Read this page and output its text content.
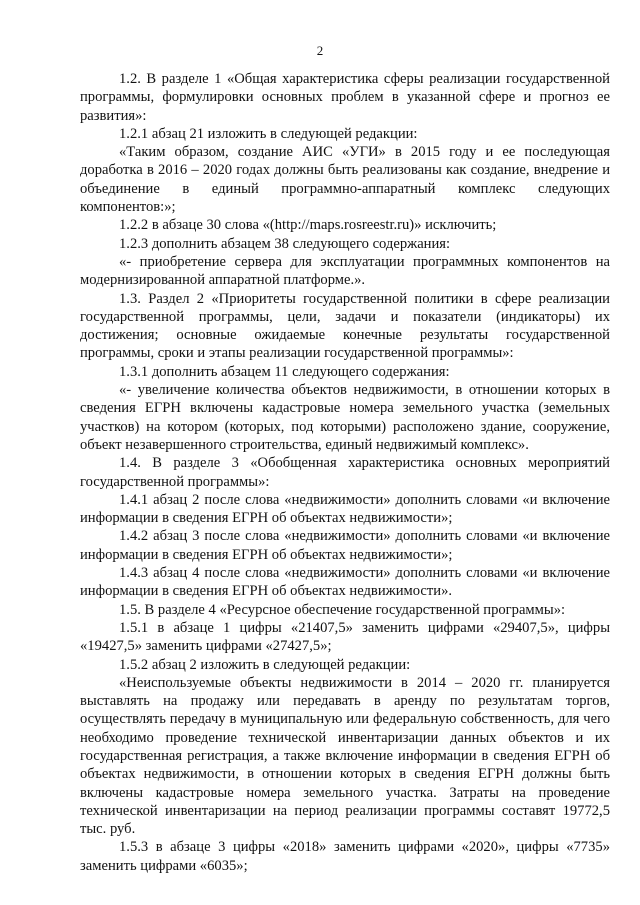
2

1.2. В разделе 1 «Общая характеристика сферы реализации государственной программы, формулировки основных проблем в указанной сфере и прогноз ее развития»:

1.2.1 абзац 21 изложить в следующей редакции:

«Таким образом, создание АИС «УГИ» в 2015 году и ее последующая доработка в 2016 – 2020 годах должны быть реализованы как создание, внедрение и объединение в единый программно-аппаратный комплекс следующих компонентов:»;

1.2.2 в абзаце 30 слова «(http://maps.rosreestr.ru)» исключить;

1.2.3 дополнить абзацем 38 следующего содержания:

«- приобретение сервера для эксплуатации программных компонентов на модернизированной аппаратной платформе.».

1.3. Раздел 2 «Приоритеты государственной политики в сфере реализации государственной программы, цели, задачи и показатели (индикаторы) их достижения; основные ожидаемые конечные результаты государственной программы, сроки и этапы реализации государственной программы»:

1.3.1 дополнить абзацем 11 следующего содержания:

«- увеличение количества объектов недвижимости, в отношении которых в сведения ЕГРН включены кадастровые номера земельного участка (земельных участков) на котором (которых, под которыми) расположено здание, сооружение, объект незавершенного строительства, единый недвижимый комплекс».

1.4. В разделе 3 «Обобщенная характеристика основных мероприятий государственной программы»:

1.4.1 абзац 2 после слова «недвижимости» дополнить словами «и включение информации в сведения ЕГРН об объектах недвижимости»;

1.4.2 абзац 3 после слова «недвижимости» дополнить словами «и включение информации в сведения ЕГРН об объектах недвижимости»;

1.4.3 абзац 4 после слова «недвижимости» дополнить словами «и включение информации в сведения ЕГРН об объектах недвижимости».

1.5. В разделе 4 «Ресурсное обеспечение государственной программы»:

1.5.1 в абзаце 1 цифры «21407,5» заменить цифрами «29407,5», цифры «19427,5» заменить цифрами «27427,5»;

1.5.2 абзац 2 изложить в следующей редакции:

«Неиспользуемые объекты недвижимости в 2014 – 2020 гг. планируется выставлять на продажу или передавать в аренду по результатам торгов, осуществлять передачу в муниципальную или федеральную собственность, для чего необходимо проведение технической инвентаризации данных объектов и их государственная регистрация, а также включение информации в сведения ЕГРН об объектах недвижимости, в отношении которых в сведения ЕГРН должны быть включены кадастровые номера земельного участка. Затраты на проведение технической инвентаризации на период реализации программы составят 19772,5 тыс. руб.

1.5.3 в абзаце 3 цифры «2018» заменить цифрами «2020», цифры «7735» заменить цифрами «6035»;
